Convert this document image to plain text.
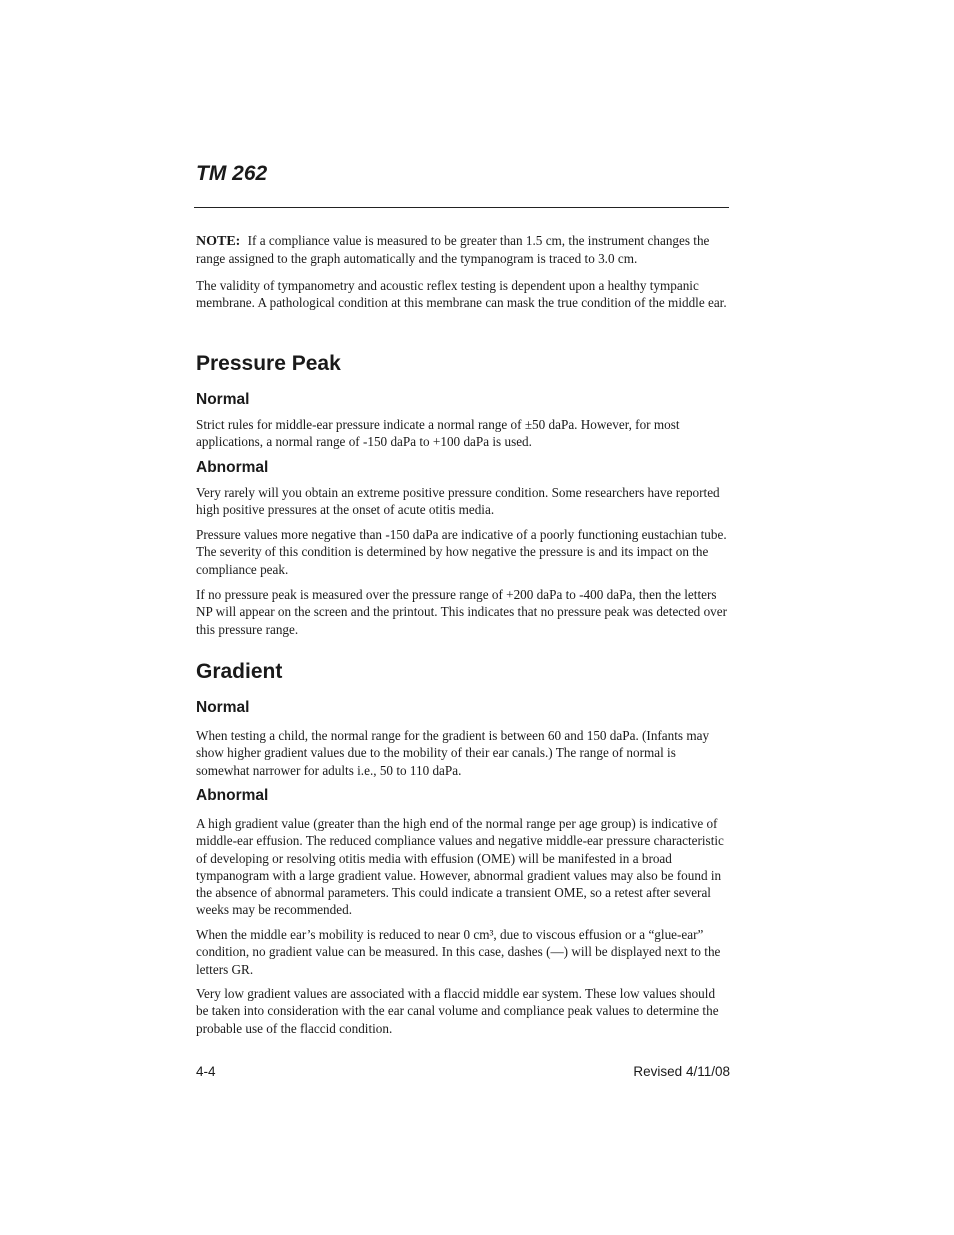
TM 262

NOTE: If a compliance value is measured to be greater than 1.5 cm, the instrument changes the range assigned to the graph automatically and the tympanogram is traced to 3.0 cm.

The validity of tympanometry and acoustic reflex testing is dependent upon a healthy tympanic membrane. A pathological condition at this membrane can mask the true condition of the middle ear.

Pressure Peak
Normal

Strict rules for middle-ear pressure indicate a normal range of ±50 daPa. However, for most applications, a normal range of -150 daPa to +100 daPa is used.

Abnormal

Very rarely will you obtain an extreme positive pressure condition. Some researchers have reported high positive pressures at the onset of acute otitis media.

Pressure values more negative than -150 daPa are indicative of a poorly functioning eustachian tube. The severity of this condition is determined by how negative the pressure is and its impact on the compliance peak.

If no pressure peak is measured over the pressure range of +200 daPa to -400 daPa, then the letters NP will appear on the screen and the printout. This indicates that no pressure peak was detected over this pressure range.

Gradient
Normal

When testing a child, the normal range for the gradient is between 60 and 150 daPa. (Infants may show higher gradient values due to the mobility of their ear canals.) The range of normal is somewhat narrower for adults i.e., 50 to 110 daPa.

Abnormal

A high gradient value (greater than the high end of the normal range per age group) is indicative of middle-ear effusion. The reduced compliance values and negative middle-ear pressure characteristic of developing or resolving otitis media with effusion (OME) will be manifested in a broad tympanogram with a large gradient value. However, abnormal gradient values may also be found in the absence of abnormal parameters. This could indicate a transient OME, so a retest after several weeks may be recommended.

When the middle ear’s mobility is reduced to near 0 cm³, due to viscous effusion or a “glue-ear” condition, no gradient value can be measured. In this case, dashes (—) will be displayed next to the letters GR.

Very low gradient values are associated with a flaccid middle ear system. These low values should be taken into consideration with the ear canal volume and compliance peak values to determine the probable use of the flaccid condition.

4-4	Revised 4/11/08
